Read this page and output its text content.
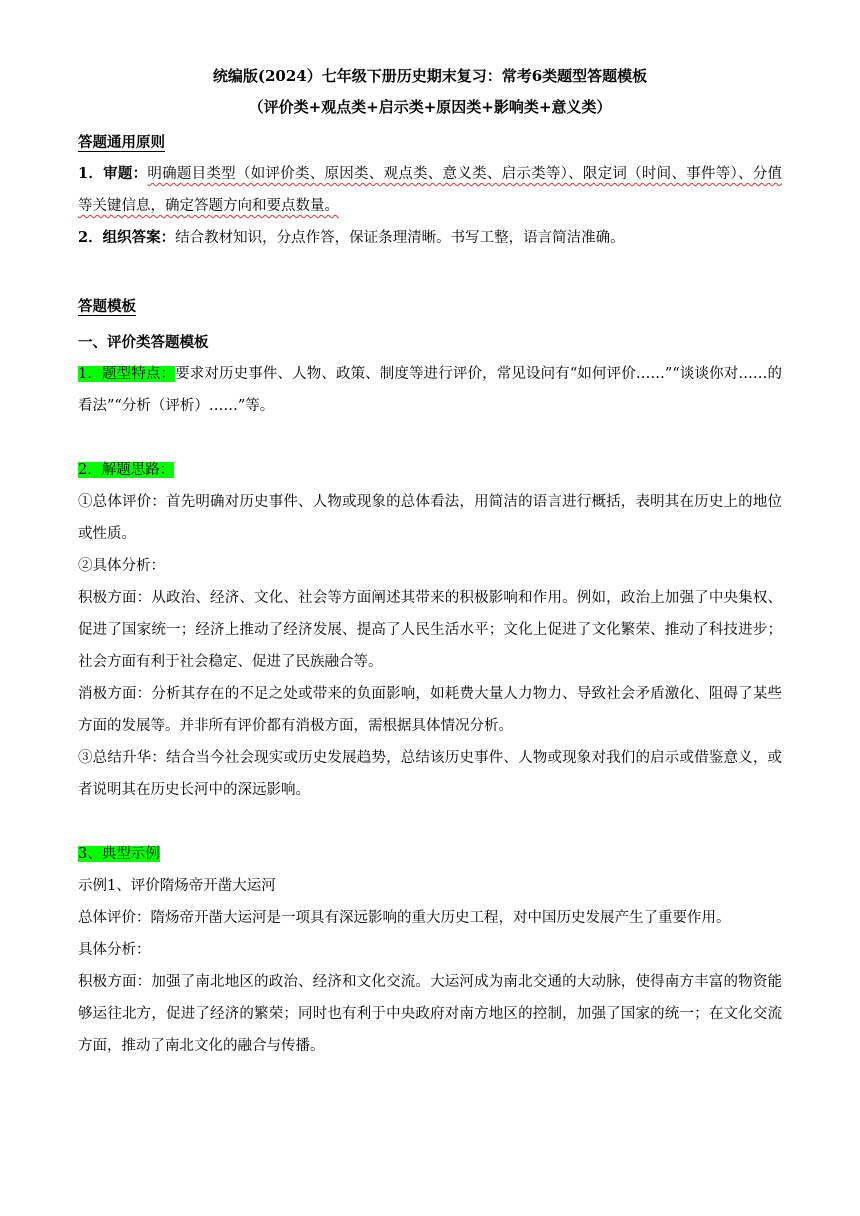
统编版(2024）七年级下册历史期末复习：常考6类题型答题模板
（评价类+观点类+启示类+原因类+影响类+意义类）
答题通用原则

1．审题：明确题目类型（如评价类、原因类、观点类、意义类、启示类等）、限定词（时间、事件等）、分值等关键信息，确定答题方向和要点数量。

2．组织答案：结合教材知识，分点作答，保证条理清晰。书写工整，语言简洁准确。

答题模板
一、评价类答题模板

1．题型特点：要求对历史事件、人物、政策、制度等进行评价，常见设问有“如何评价……”“谈谈你对……的看法”“分析（评析）……”等。

2．解题思路：

①总体评价：首先明确对历史事件、人物或现象的总体看法，用简洁的语言进行概括，表明其在历史上的地位或性质。

②具体分析：

积极方面：从政治、经济、文化、社会等方面阐述其带来的积极影响和作用。例如，政治上加强了中央集权、促进了国家统一；经济上推动了经济发展、提高了人民生活水平；文化上促进了文化繁荣、推动了科技进步；社会方面有利于社会稳定、促进了民族融合等。

消极方面：分析其存在的不足之处或带来的负面影响，如耗费大量人力物力、导致社会矛盾激化、阻碍了某些方面的发展等。并非所有评价都有消极方面，需根据具体情况分析。

③总结升华：结合当今社会现实或历史发展趋势，总结该历史事件、人物或现象对我们的启示或借鉴意义，或者说明其在历史长河中的深远影响。

3、典型示例

示例1、评价隋炀帝开凿大运河

总体评价：隋炀帝开凿大运河是一项具有深远影响的重大历史工程，对中国历史发展产生了重要作用。

具体分析：

积极方面：加强了南北地区的政治、经济和文化交流。大运河成为南北交通的大动脉，使得南方丰富的物资能够运往北方，促进了经济的繁荣；同时也有利于中央政府对南方地区的控制，加强了国家的统一；在文化交流方面，推动了南北文化的融合与传播。
